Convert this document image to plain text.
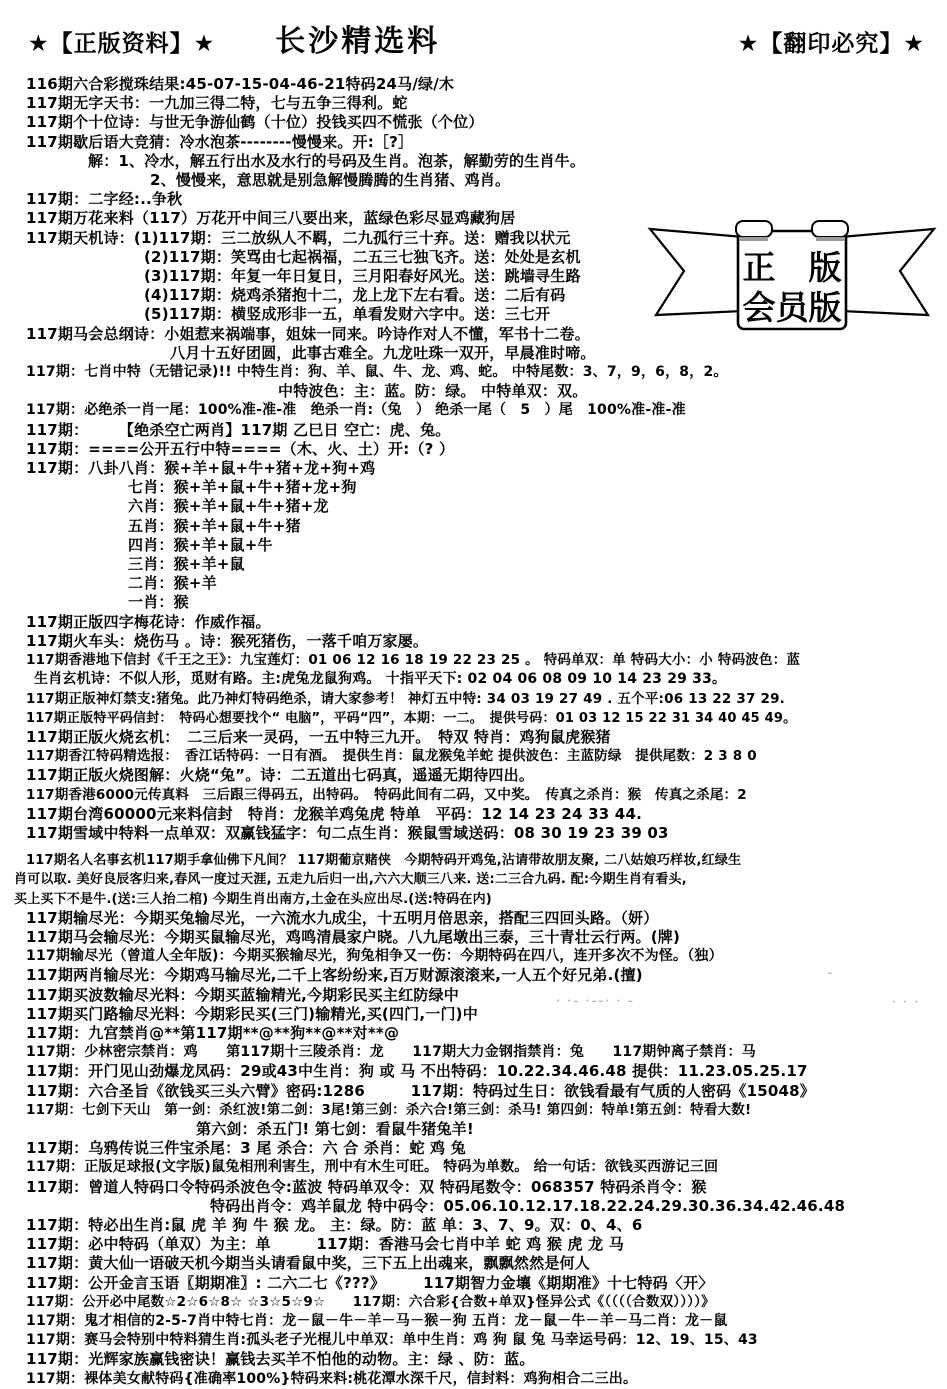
★【正版资料】★ 长沙精选料	★【翻印必究】★
116期六合彩搅珠结果:45-07-15-04-46-21特码24马/绿/木
117期无字天书：一九加三得二特，七与五争三得利。蛇
117期个十位诗：与世无争游仙鹤（十位）投钱买四不慌张（个位）
117期歇后语大竞猜：冷水泡茶--------慢慢来。开:［?］
解：1、冷水，解五行出水及水行的号码及生肖。泡茶，解勤劳的生肖牛。
2、慢慢来，意思就是别急解慢腾腾的生肖猪、鸡肖。
117期：二字经:..争秋
117期万花来料（117）万花开中间三八要出来，蓝绿色彩尽显鸡藏狗居
117期天机诗：(1)117期：三二放纵人不羁，二九孤行三十弃。送：赠我以状元
(2)117期：笑骂由七起祸福，二五三七独飞齐。送：处处是玄机
(3)117期：年复一年日复日，三月阳春好风光。送：跳墙寻生路
(4)117期：烧鸡杀猪抱十二，龙上龙下左右看。送：二后有码
(5)117期：横竖成形非一五，单看发财六字中。送：三七开
117期马会总纲诗：小姐惹来祸端事，姐妹一同来。吟诗作对人不懂，军书十二卷。
八月十五好团圆，此事古难全。九龙吐珠一双开，早晨准时啼。
117期：七肖中特（无错记录)!! 中特生肖：狗、羊、鼠、牛、龙、鸡、蛇。 中特尾数：3、7，9，6，8，2。
中特波色：主：蓝。防：绿。 中特单双：双。
117期：必绝杀一肖一尾：100%准-准-准　绝杀一肖:（兔　） 绝杀一尾（　5　）尾　100%准-准-准
117期：　　　【绝杀空亡两肖】117期 乙巳日 空亡：虎、兔。
117期：====公开五行中特====（木、火、土）开:（? ）
117期：八卦八肖：猴+羊+鼠+牛+猪+龙+狗+鸡
七肖：猴+羊+鼠+牛+猪+龙+狗
六肖：猴+羊+鼠+牛+猪+龙
五肖：猴+羊+鼠+牛+猪
四肖：猴+羊+鼠+牛
三肖：猴+羊+鼠
二肖：猴+羊
一肖：猴
117期正版四字梅花诗：作威作福。
117期火车头：烧伤马 。诗：猴死猪伤，一落千咱万家屡。
117期香港地下信封《千王之王》：九宝莲灯：01 06 12 16 18 19 22 23 25 。 特码单双：单 特码大小：小 特码波色：蓝
生肖玄机诗：不似人形，觅财有路。主:虎兔龙鼠狗鸡。 十指平天下: 02 04 06 08 09 10 14 23 29 33。
117期正版神灯禁支:猪兔。此乃神灯特码绝杀，请大家参考！ 神灯五中特: 34 03 19 27 49 . 五个平:06 13 22 37 29.
117期正版特平码信封：　特码心想要找个“ 电脑”，平码“四”，本期：一二。　提供号码：01 03 12 15 22 31 34 40 45 49。
117期正版火烧玄机：　二三后来一灵码，一五中特三九开。　特双 特肖：鸡狗鼠虎猴猪
117期香江特码精选报：　香江话特码：一日有酒。　提供生肖：鼠龙猴兔羊蛇 提供波色：主蓝防绿　提供尾数：2 3 8 0
117期正版火烧图解：火烧“兔”。诗：二五道出七码真，遥遥无期待四出。
117期香港6000元传真料　三后跟三得码五，出特码。　特码此间有二码，又中奖。　传真之杀肖：猴　传真之杀尾：2
117期台湾60000元来料信封　特肖：龙猴羊鸡兔虎 特单　平码：12 14 23 24 33 44.
117期雪域中特料一点单双：双赢钱猛字：句二点生肖：猴鼠雪域送码：08 30 19 23 39 03
117期名人名事玄机117期手拿仙佛下凡间？ 117期葡京赌侠　今期特码开鸡兔,沾请带故朋友聚, 二八姑娘巧样妆,红绿生
肖可以取. 美好良辰客归来,春风一度过天涯, 五走九后归一出,六六大顺三八来. 送:二三合九码. 配:今期生肖有看头,
买上买下不是牛.(送:三人抬二棺) 今期生肖出南方,土金在头应出尽.(送:特码在内)
117期输尽光：今期买兔输尽光，一六流水九成尘，十五明月倍思亲，搭配三四回头路。（妍）
117期马会输尽光：今期买鼠输尽光，鸡鸣清晨家户晓。八九尾墩出三泰，三十青壮云行两。(牌)
117期输尽光（曾道人全年版)：今期买猴输尽光，狗兔相争又一伤：今期特码在四八，连开多次不为怪。（独）
117期两肖输尽光：今期鸡马输尽光,二千上客纷纷来,百万财源滚滚来,一人五个好兄弟.(擅)
117期买波数输尽光料：今期买蓝输精光,今期彩民买主红防绿中
117期买门路输尽光料：今期彩民买(三门)输精光,买(四门,一门)中
117期：九宫禁肖@**第117期**@**狗**@**对**@
117期：少林密宗禁肖：鸡　　第117期十三陵杀肖：龙　　117期大力金钢指禁肖：兔　　117期钟离子禁肖：马
117期：开门见山劲爆龙凤码：29或43中生肖：狗 或 马 不出特码：10.22.34.46.48 提供：11.23.05.25.17
117期：六合圣旨《欲钱买三头六臂》密码:1286　　　117期：特码过生日：欲钱看最有气质的人密码《15048》
117期：七剑下天山　第一剑：杀红波!第二剑：3尾!第三剑：杀六合!第三剑：杀马! 第四剑：特单!第五剑：特看大数!
第六剑：杀五门! 第七剑：看鼠牛猪兔羊!
117期：乌鸦传说三件宝杀尾：3 尾 杀合：六 合 杀肖：蛇 鸡 兔
117期：正版足球报(文字版)鼠兔相刑利害生，刑中有木生可旺。 特码为单数。 给一句话：欲钱买西游记三回
117期：曾道人特码口令特码杀波色令:蓝波 特码单双令：双 特码尾数令：068357 特码杀肖令：猴
特码出肖令：鸡羊鼠龙 特中码令：05.06.10.12.17.18.22.24.29.30.36.34.42.46.48
117期：特必出生肖:鼠 虎 羊 狗 牛 猴 龙。 主：绿。防：蓝 单：3、7、9。双：0、4、6
117期：必中特码（单双）为主：单　　　117期：香港马会七肖中羊 蛇 鸡 猴 虎 龙 马
117期：黄大仙一语破天机今期当头请看鼠中奖，三下五上出魂来，飘飘然然是何人
117期：公开金言玉语〖期期准〗: 二六二七《???》　　　117期智力金壤《期期准》十七特码〈开〉
117期：公开必中尾数☆2☆6☆8☆ ☆3☆5☆9☆　　117期：六合彩{合数+单双}怪异公式《（（（（合数双））））》
117期：鬼才相信的2-5-7肖中特七肖：龙－鼠－牛－羊－马－猴－狗 五肖：龙－鼠－牛－羊－马二肖：龙－鼠
117期：赛马会特别中特料猜生肖:孤头老子光棍儿中单双：单中生肖：鸡 狗 鼠 兔 马幸运号码：12、19、15、43
117期：光辉家族赢钱密诀！赢钱去买羊不怕他的动物。主：绿 、防：蓝。
117期：裸体美女献特码{准确率100%}特码来料:桃花潭水深千尺，信封料：鸡狗相合二三出。
正　版
会员版
-
· ·– ·––· · –	· · ·
